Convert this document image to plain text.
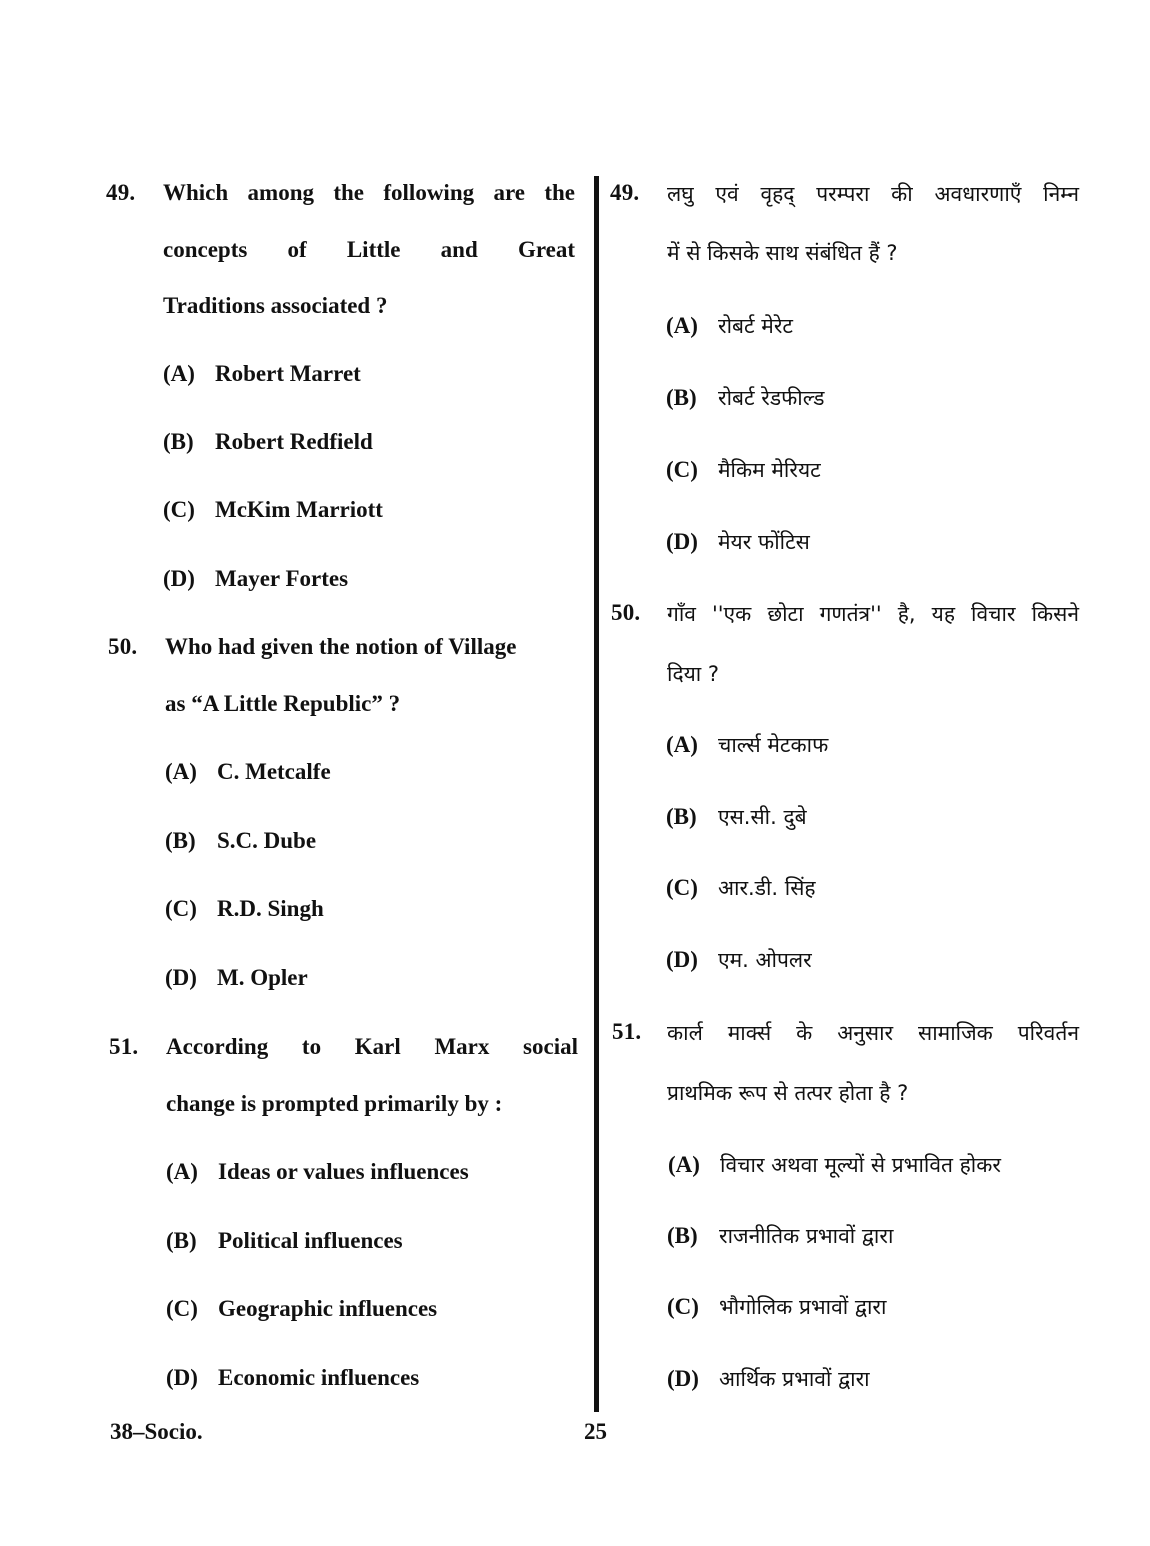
49. Which among the following are the
concepts of Little and Great
Traditions associated ?
(A) Robert Marret
(B) Robert Redfield
(C) McKim Marriott
(D) Mayer Fortes
50. Who had given the notion of Village
as “A Little Republic” ?
(A) C. Metcalfe
(B) S.C. Dube
(C) R.D. Singh
(D) M. Opler
51. According to Karl Marx social
change is prompted primarily by :
(A) Ideas or values influences
(B) Political influences
(C) Geographic influences
(D) Economic influences
49. लघु एवं वृहद् परम्परा की अवधारणाएँ निम्न
में से किसके साथ संबंधित हैं ?
(A) रोबर्ट मेरेट
(B) रोबर्ट रेडफील्ड
(C) मैकिम मेरियट
(D) मेयर फोंटिस
50. गाँव ''एक छोटा गणतंत्र'' है, यह विचार किसने
दिया ?
(A) चार्ल्स मेटकाफ
(B) एस.सी. दुबे
(C) आर.डी. सिंह
(D) एम. ओपलर
51. कार्ल मार्क्स के अनुसार सामाजिक परिवर्तन
प्राथमिक रूप से तत्पर होता है ?
(A) विचार अथवा मूल्यों से प्रभावित होकर
(B) राजनीतिक प्रभावों द्वारा
(C) भौगोलिक प्रभावों द्वारा
(D) आर्थिक प्रभावों द्वारा
38–Socio.	25
